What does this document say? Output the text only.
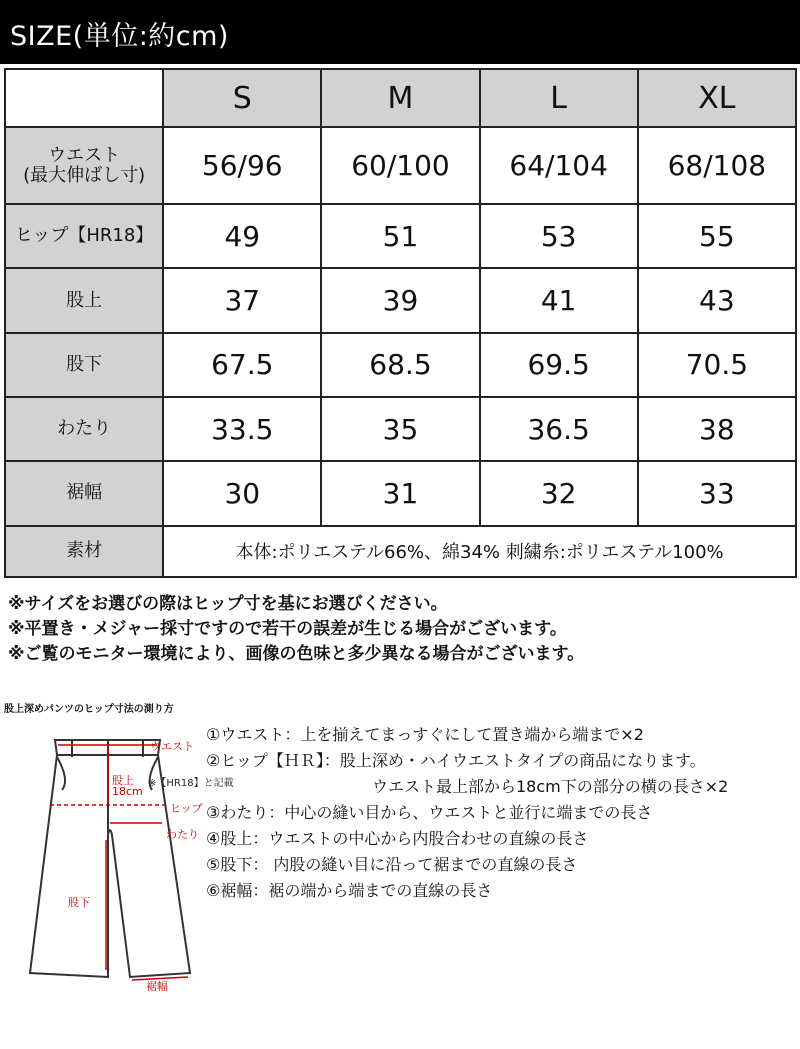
SIZE(単位:約cm)
	S	M	L	XL
ウエスト
(最大伸ばし寸)	56/96	60/100	64/104	68/108
ヒップ【HR18】	49	51	53	55
股上	37	39	41	43
股下	67.5	68.5	69.5	70.5
わたり	33.5	35	36.5	38
裾幅	30	31	32	33
素材	本体:ポリエステル66%、綿34% 刺繍糸:ポリエステル100%			
※サイズをお選びの際はヒップ寸を基にお選びください。
※平置き・メジャー採寸ですので若干の誤差が生じる場合がございます。
※ご覧のモニター環境により、画像の色味と多少異なる場合がございます。
股上深めパンツのヒップ寸法の測り方
ウエスト
股上
18cm
※【HR18】と記載
ヒップ
わたり
股下
裾幅
①ウエスト：上を揃えてまっすぐにして置き端から端まで×2
②ヒップ【ＨＲ】：股上深め・ハイウエストタイプの商品になります。
ウエスト最上部から18cm下の部分の横の長さ×2
③わたり：中心の縫い目から、ウエストと並行に端までの長さ
④股上：ウエストの中心から内股合わせの直線の長さ
⑤股下： 内股の縫い目に沿って裾までの直線の長さ
⑥裾幅：裾の端から端までの直線の長さ
